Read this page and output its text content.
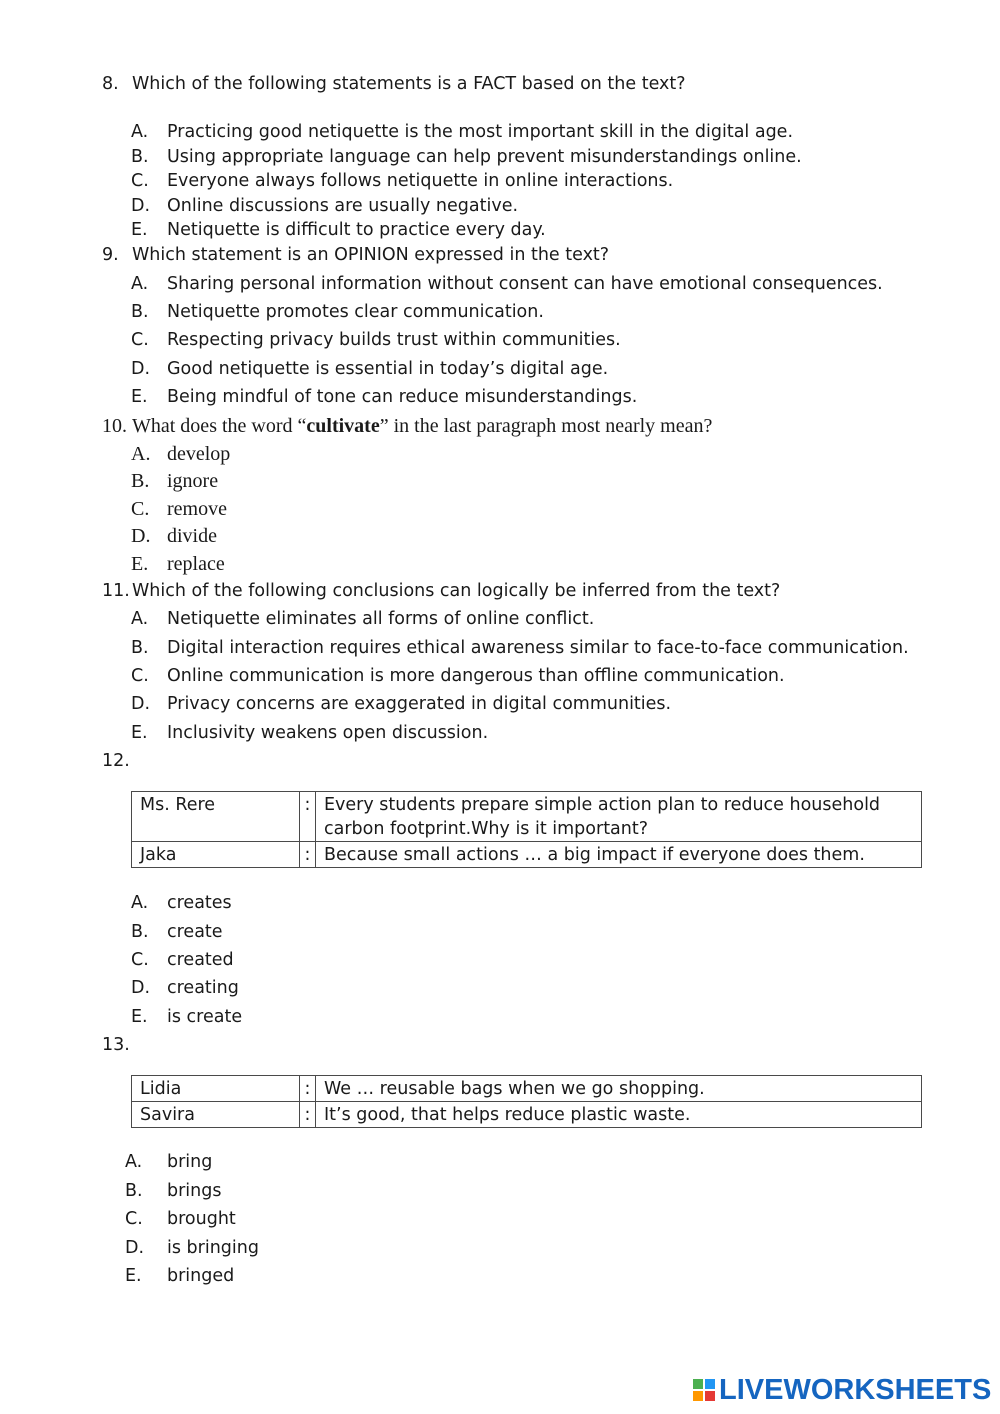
8. Which of the following statements is a FACT based on the text?
A. Practicing good netiquette is the most important skill in the digital age.
B. Using appropriate language can help prevent misunderstandings online.
C. Everyone always follows netiquette in online interactions.
D. Online discussions are usually negative.
E. Netiquette is difficult to practice every day.
9. Which statement is an OPINION expressed in the text?
A. Sharing personal information without consent can have emotional consequences.
B. Netiquette promotes clear communication.
C. Respecting privacy builds trust within communities.
D. Good netiquette is essential in today’s digital age.
E. Being mindful of tone can reduce misunderstandings.
10. What does the word “cultivate” in the last paragraph most nearly mean?
A. develop
B. ignore
C. remove
D. divide
E. replace
11. Which of the following conclusions can logically be inferred from the text?
A. Netiquette eliminates all forms of online conflict.
B. Digital interaction requires ethical awareness similar to face-to-face communication.
C. Online communication is more dangerous than offline communication.
D. Privacy concerns are exaggerated in digital communities.
E. Inclusivity weakens open discussion.
12.
Ms. Rere	:	Every students prepare simple action plan to reduce household
carbon footprint.Why is it important?
Jaka	:	Because small actions … a big impact if everyone does them.
A. creates
B. create
C. created
D. creating
E. is create
13.
Lidia	:	We … reusable bags when we go shopping.
Savira	:	It’s good, that helps reduce plastic waste.
A. bring
B. brings
C. brought
D. is bringing
E. bringed
LIVEWORKSHEETS
